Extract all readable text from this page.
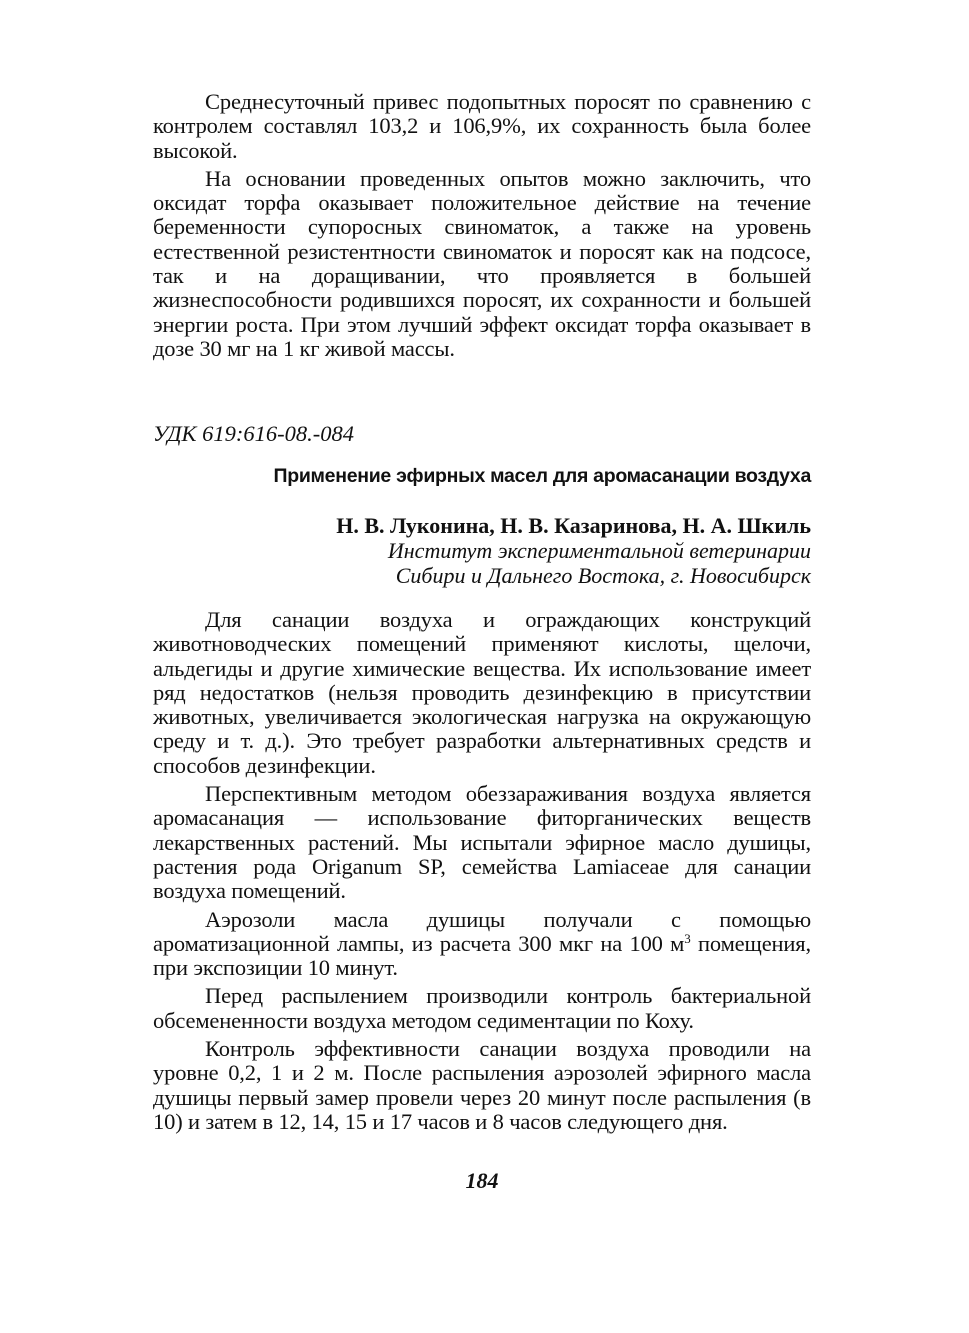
Среднесуточный привес подопытных поросят по сравнению с контролем составлял 103,2 и 106,9%, их сохранность была более высокой.

На основании проведенных опытов можно заключить, что оксидат торфа оказывает положительное действие на течение беременности супоросных свиноматок, а также на уровень естественной резистентности свиноматок и поросят как на подсосе, так и на доращивании, что проявляется в большей жизнеспособности родившихся поросят, их сохранности и большей энергии роста. При этом лучший эффект оксидат торфа оказывает в дозе 30 мг на 1 кг живой массы.

УДК 619:616-08.-084
Применение эфирных масел для аромасанации воздуха
Н. В. Луконина, Н. В. Казаринова, Н. А. Шкиль
Институт экспериментальной ветеринарии
Сибири и Дальнего Востока, г. Новосибирск

Для санации воздуха и ограждающих конструкций животноводческих помещений применяют кислоты, щелочи, альдегиды и другие химические вещества. Их использование имеет ряд недостатков (нельзя проводить дезинфекцию в присутствии животных, увеличивается экологическая нагрузка на окружающую среду и т. д.). Это требует разработки альтернативных средств и способов дезинфекции.

Перспективным методом обеззараживания воздуха является аромасанация — использование фиторганических веществ лекарственных растений. Мы испытали эфирное масло душицы, растения рода Origanum SP, семейства Lamiaceae для санации воздуха помещений.

Аэрозоли масла душицы получали с помощью ароматизационной лампы, из расчета 300 мкг на 100 $м^3$ помещения, при экспозиции 10 минут.

Перед распылением производили контроль бактериальной обсемененности воздуха методом седиментации по Коху.

Контроль эффективности санации воздуха проводили на уровне 0,2, 1 и 2 м. После распыления аэрозолей эфирного масла душицы первый замер провели через 20 минут после распыления (в 10) и затем в 12, 14, 15 и 17 часов и 8 часов следующего дня.

184
